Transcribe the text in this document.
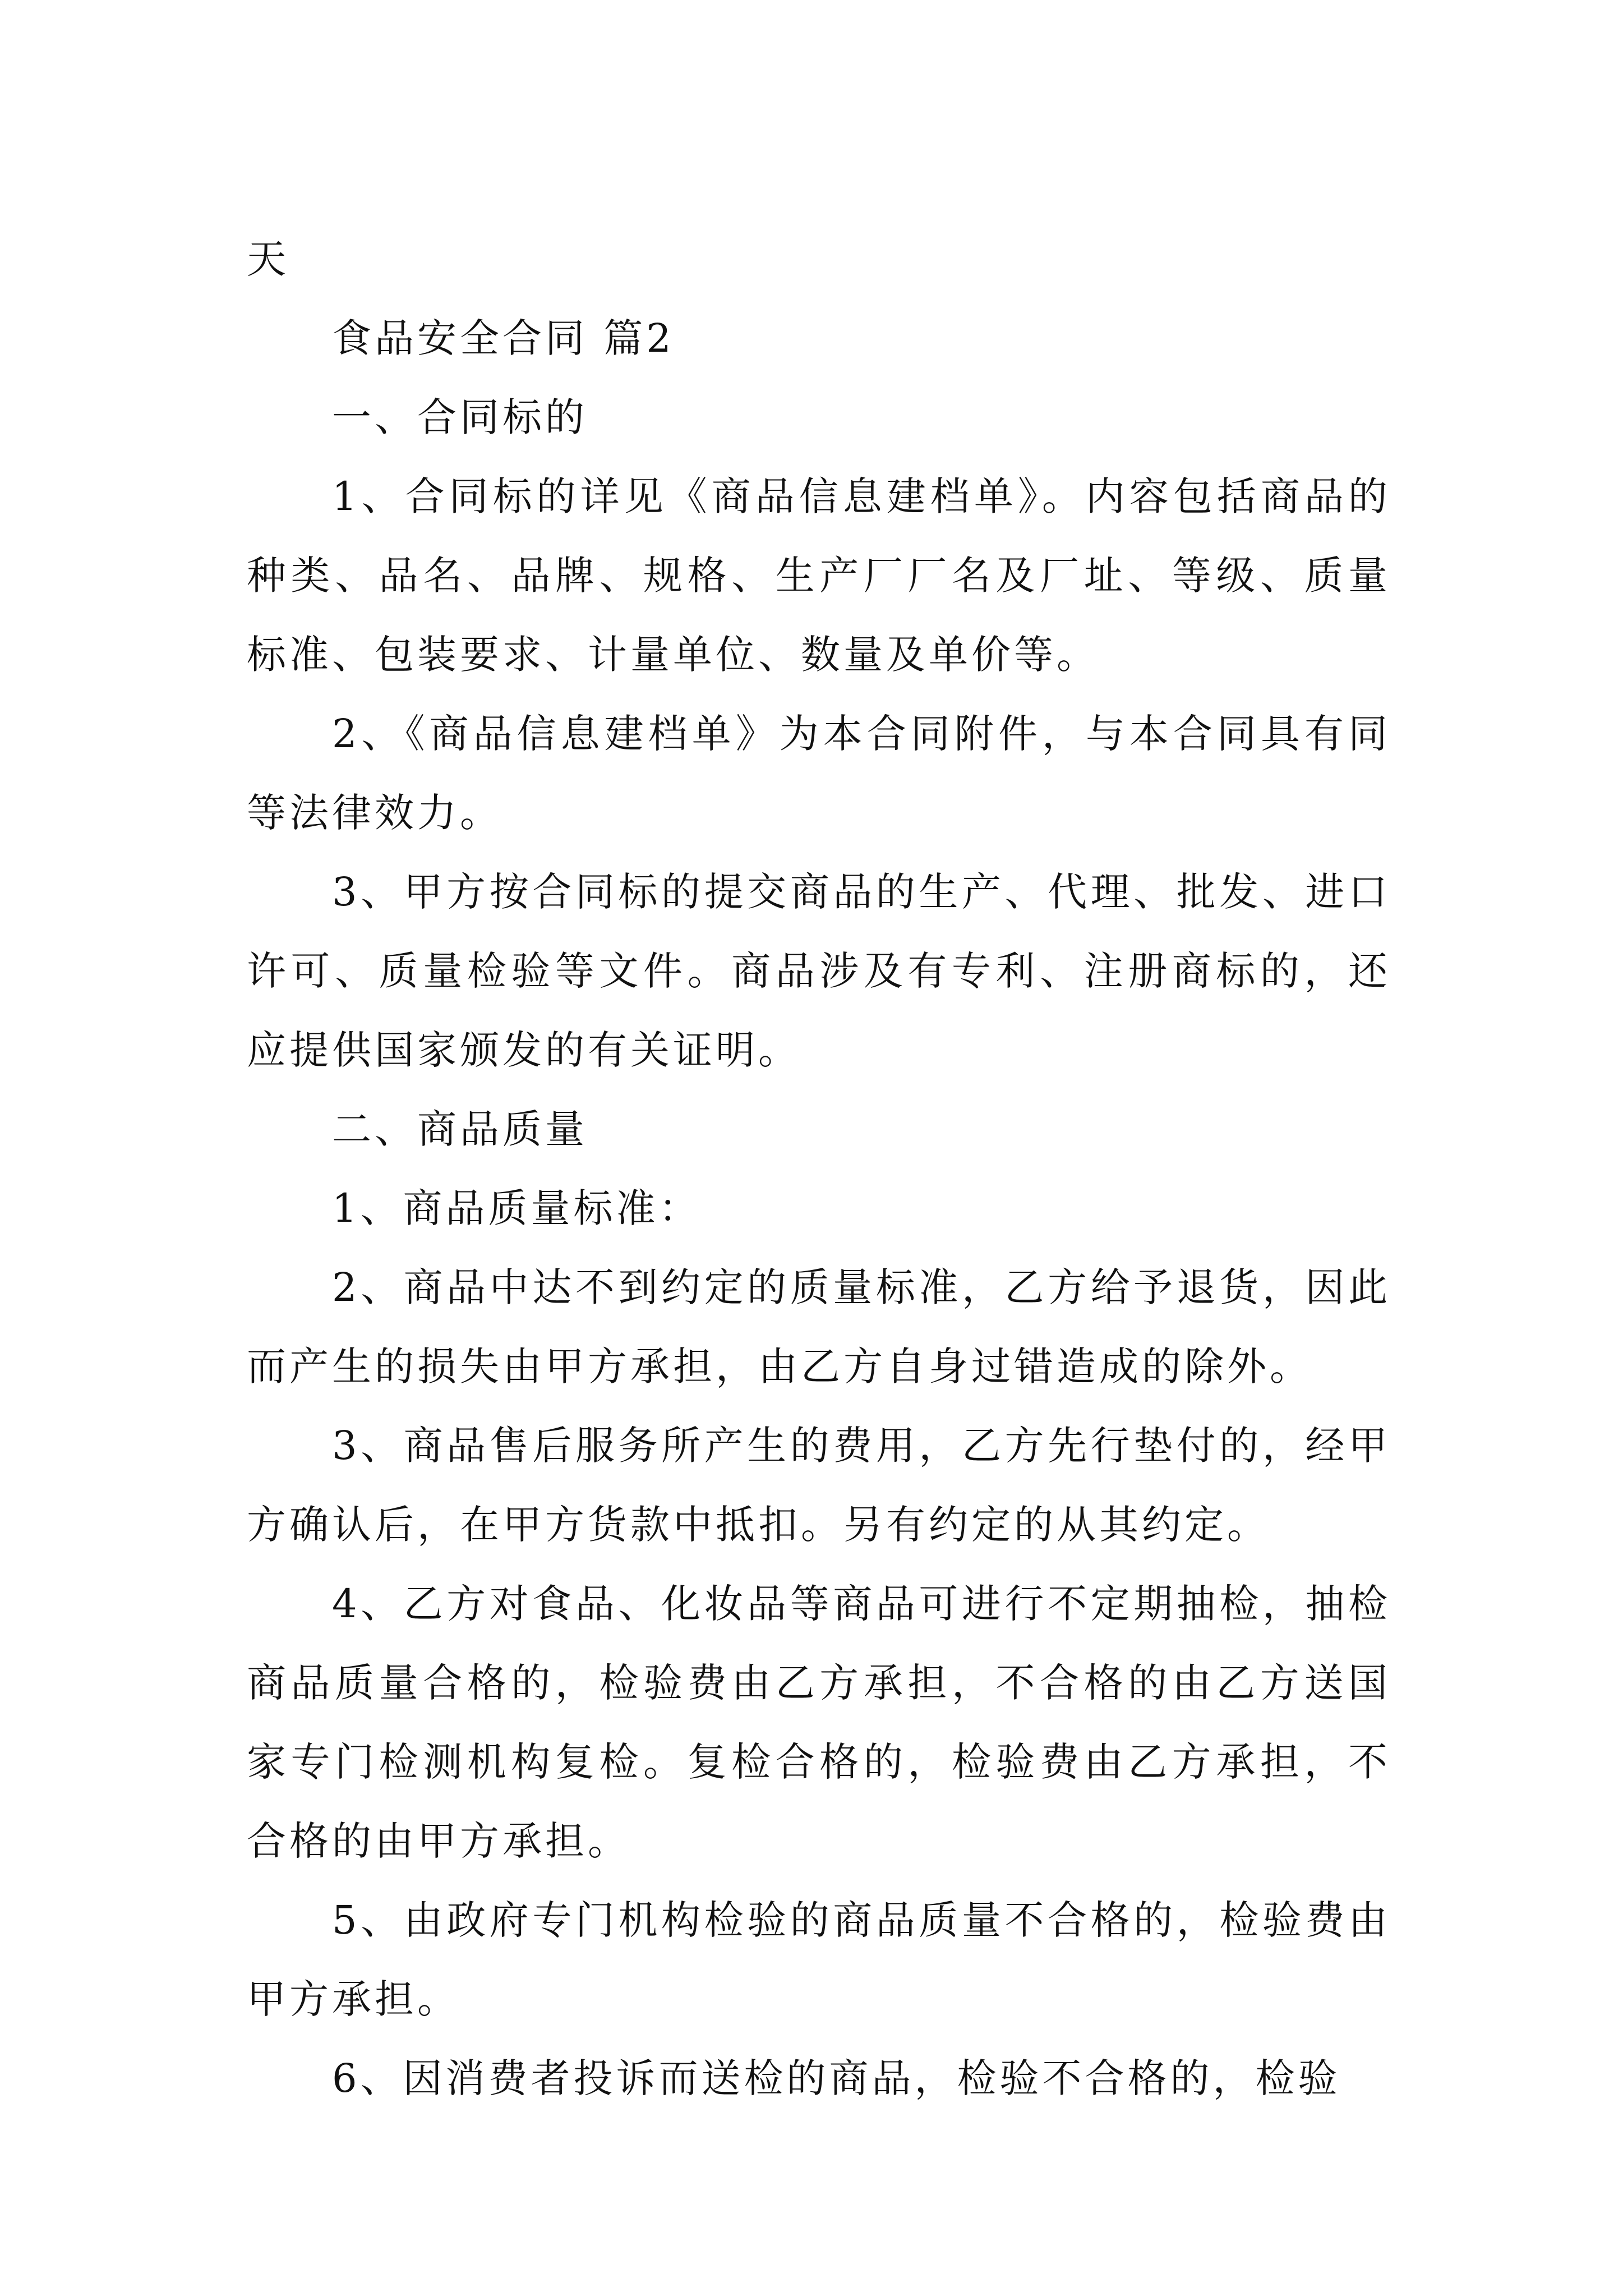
天

食品安全合同 篇2

一、合同标的

1、合同标的详见《商品信息建档单》。内容包括商品的种类、品名、品牌、规格、生产厂厂名及厂址、等级、质量标准、包装要求、计量单位、数量及单价等。

2、《商品信息建档单》为本合同附件，与本合同具有同等法律效力。

3、甲方按合同标的提交商品的生产、代理、批发、进口许可、质量检验等文件。商品涉及有专利、注册商标的，还应提供国家颁发的有关证明。

二、商品质量

1、商品质量标准：

2、商品中达不到约定的质量标准，乙方给予退货，因此而产生的损失由甲方承担，由乙方自身过错造成的除外。

3、商品售后服务所产生的费用，乙方先行垫付的，经甲方确认后，在甲方货款中抵扣。另有约定的从其约定。

4、乙方对食品、化妆品等商品可进行不定期抽检，抽检商品质量合格的，检验费由乙方承担，不合格的由乙方送国家专门检测机构复检。复检合格的，检验费由乙方承担，不合格的由甲方承担。

5、由政府专门机构检验的商品质量不合格的，检验费由甲方承担。

6、因消费者投诉而送检的商品，检验不合格的，检验
